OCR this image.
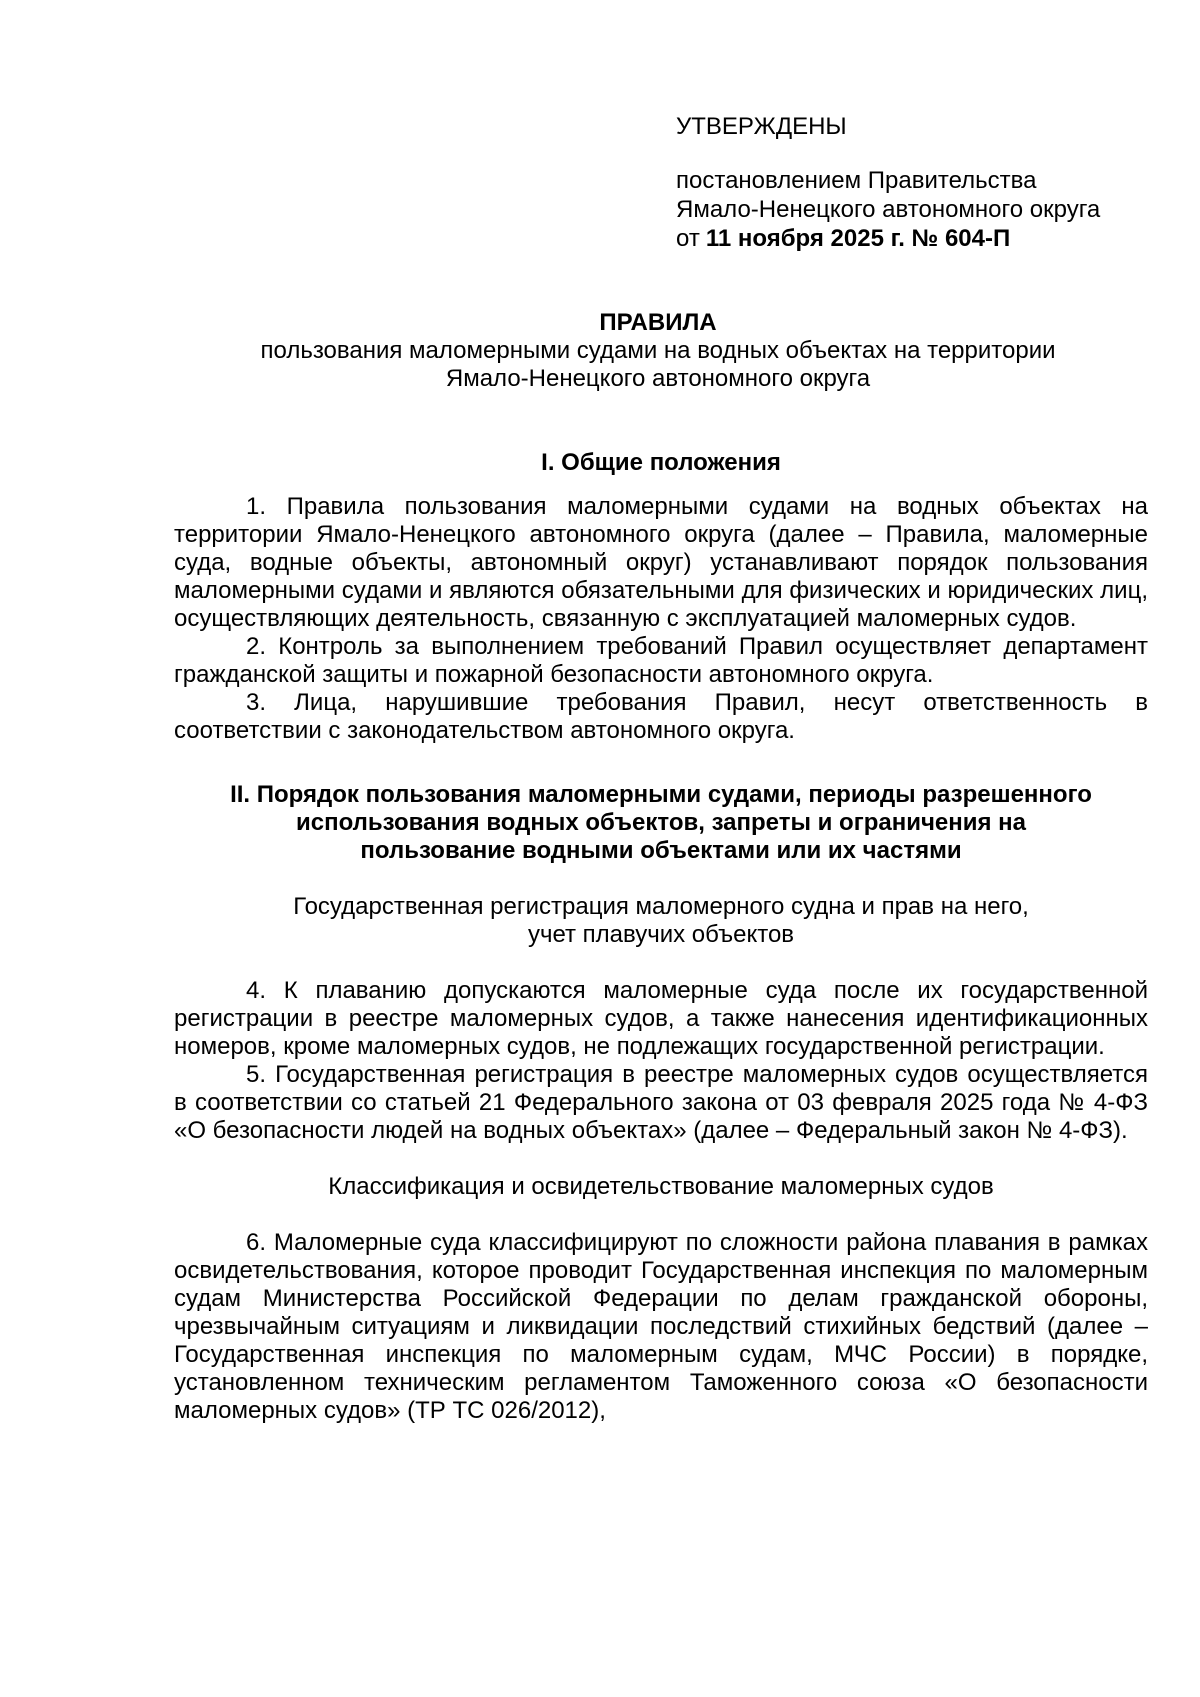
УТВЕРЖДЕНЫ
постановлением Правительства
Ямало-Ненецкого автономного округа
от 11 ноября 2025 г. № 604-П
ПРАВИЛА
пользования маломерными судами на водных объектах на территории
Ямало-Ненецкого автономного округа
I. Общие положения
1. Правила пользования маломерными судами на водных объектах на территории Ямало-Ненецкого автономного округа (далее – Правила, маломерные суда, водные объекты, автономный округ) устанавливают порядок пользования маломерными судами и являются обязательными для физических и юридических лиц, осуществляющих деятельность, связанную с эксплуатацией маломерных судов.
2. Контроль за выполнением требований Правил осуществляет департамент гражданской защиты и пожарной безопасности автономного округа.
3. Лица, нарушившие требования Правил, несут ответственность в соответствии с законодательством автономного округа.
II. Порядок пользования маломерными судами, периоды разрешенного
использования водных объектов, запреты и ограничения на
пользование водными объектами или их частями
Государственная регистрация маломерного судна и прав на него,
учет плавучих объектов
4. К плаванию допускаются маломерные суда после их государственной регистрации в реестре маломерных судов, а также нанесения идентификационных номеров, кроме маломерных судов, не подлежащих государственной регистрации.
5. Государственная регистрация в реестре маломерных судов осуществляется в соответствии со статьей 21 Федерального закона от 03 февраля 2025 года № 4-ФЗ «О безопасности людей на водных объектах» (далее – Федеральный закон № 4-ФЗ).
Классификация и освидетельствование маломерных судов
6. Маломерные суда классифицируют по сложности района плавания в рамках освидетельствования, которое проводит Государственная инспекция по маломерным судам Министерства Российской Федерации по делам гражданской обороны, чрезвычайным ситуациям и ликвидации последствий стихийных бедствий (далее – Государственная инспекция по маломерным судам, МЧС России) в порядке, установленном техническим регламентом Таможенного союза «О безопасности маломерных судов» (ТР ТС 026/2012),
